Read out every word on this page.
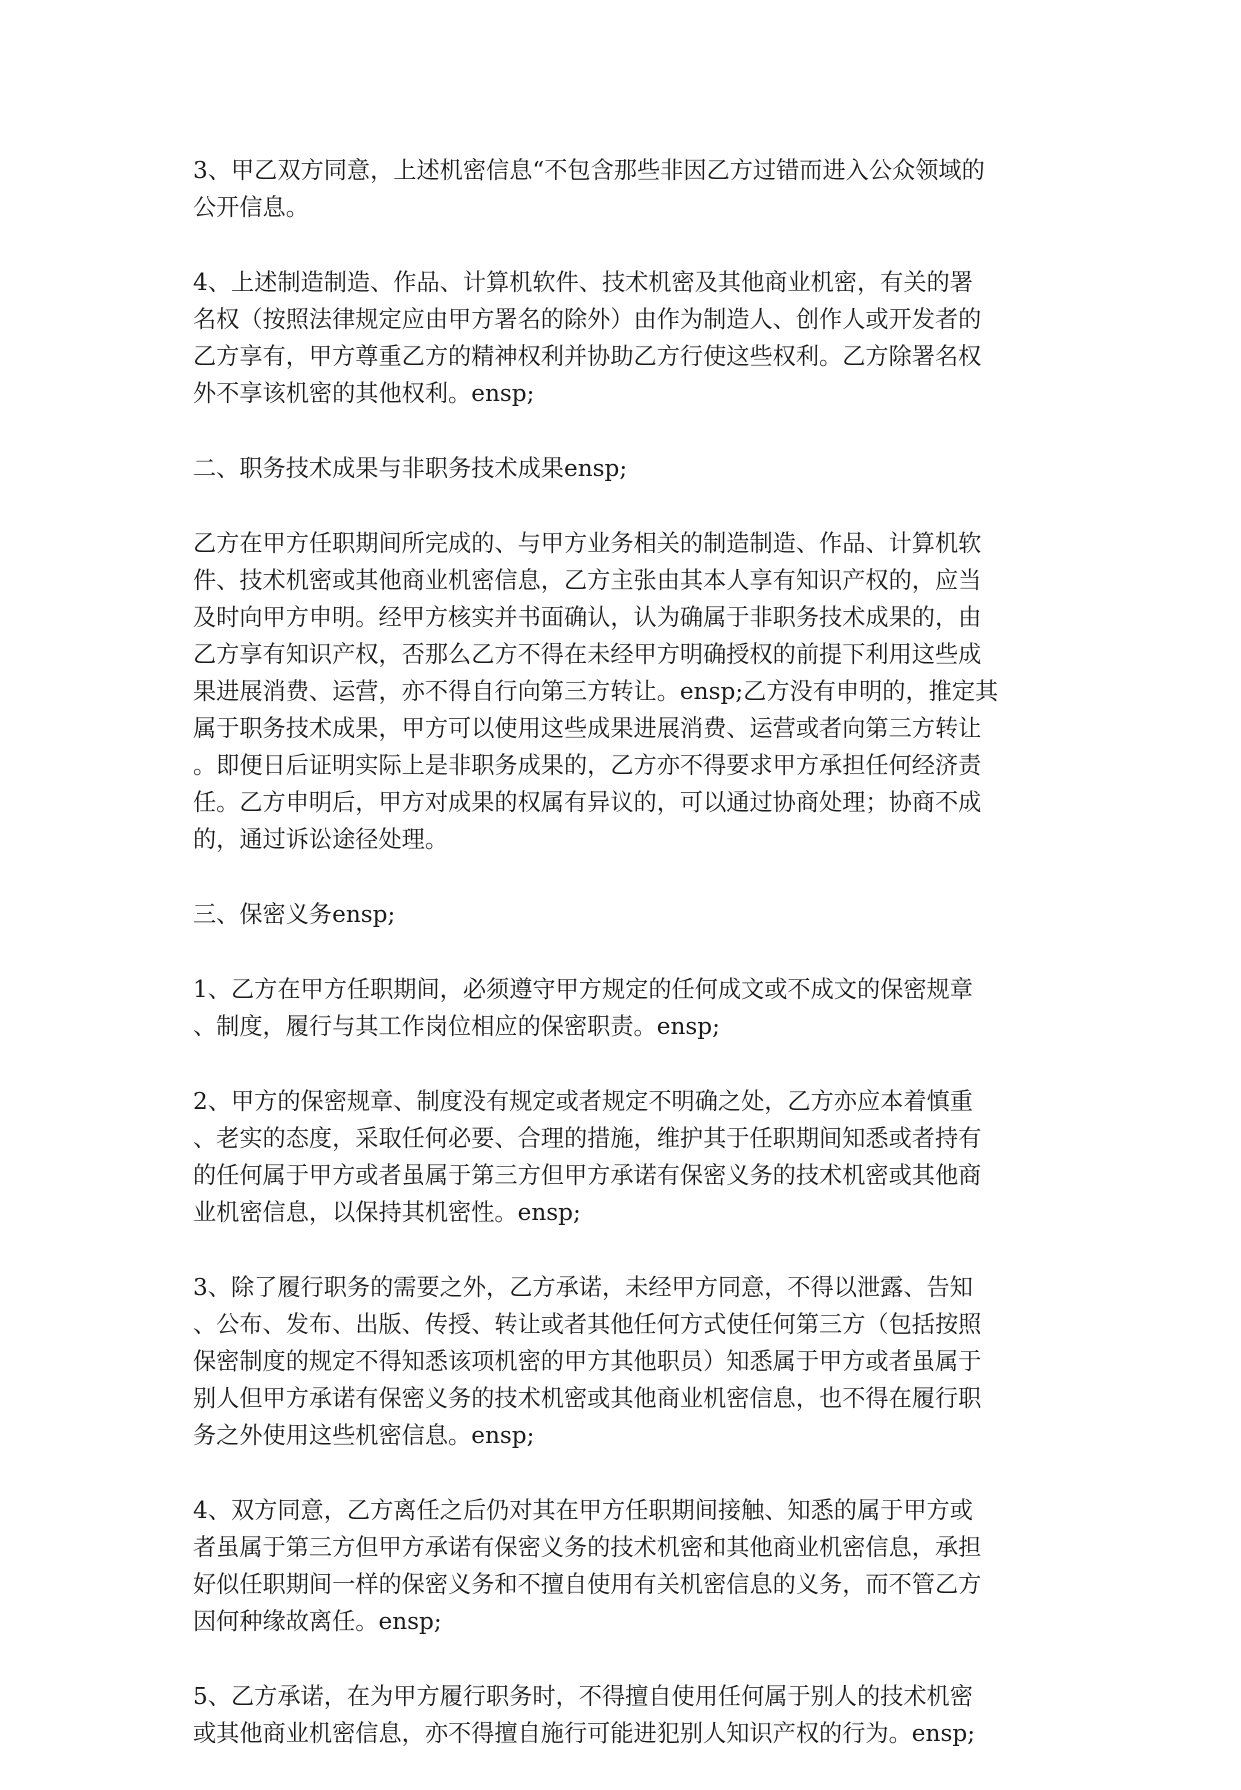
3、甲乙双方同意，上述机密信息“不包含那些非因乙方过错而进入公众领域的
公开信息。
4、上述制造制造、作品、计算机软件、技术机密及其他商业机密，有关的署
名权（按照法律规定应由甲方署名的除外）由作为制造人、创作人或开发者的
乙方享有，甲方尊重乙方的精神权利并协助乙方行使这些权利。乙方除署名权
外不享该机密的其他权利。ensp;
二、职务技术成果与非职务技术成果ensp;
乙方在甲方任职期间所完成的、与甲方业务相关的制造制造、作品、计算机软
件、技术机密或其他商业机密信息，乙方主张由其本人享有知识产权的，应当
及时向甲方申明。经甲方核实并书面确认，认为确属于非职务技术成果的，由
乙方享有知识产权，否那么乙方不得在未经甲方明确授权的前提下利用这些成
果进展消费、运营，亦不得自行向第三方转让。ensp;乙方没有申明的，推定其
属于职务技术成果，甲方可以使用这些成果进展消费、运营或者向第三方转让
。即便日后证明实际上是非职务成果的，乙方亦不得要求甲方承担任何经济责
任。乙方申明后，甲方对成果的权属有异议的，可以通过协商处理；协商不成
的，通过诉讼途径处理。
三、保密义务ensp;
1、乙方在甲方任职期间，必须遵守甲方规定的任何成文或不成文的保密规章
、制度，履行与其工作岗位相应的保密职责。ensp;
2、甲方的保密规章、制度没有规定或者规定不明确之处，乙方亦应本着慎重
、老实的态度，采取任何必要、合理的措施，维护其于任职期间知悉或者持有
的任何属于甲方或者虽属于第三方但甲方承诺有保密义务的技术机密或其他商
业机密信息，以保持其机密性。ensp;
3、除了履行职务的需要之外，乙方承诺，未经甲方同意，不得以泄露、告知
、公布、发布、出版、传授、转让或者其他任何方式使任何第三方（包括按照
保密制度的规定不得知悉该项机密的甲方其他职员）知悉属于甲方或者虽属于
别人但甲方承诺有保密义务的技术机密或其他商业机密信息，也不得在履行职
务之外使用这些机密信息。ensp;
4、双方同意，乙方离任之后仍对其在甲方任职期间接触、知悉的属于甲方或
者虽属于第三方但甲方承诺有保密义务的技术机密和其他商业机密信息，承担
好似任职期间一样的保密义务和不擅自使用有关机密信息的义务，而不管乙方
因何种缘故离任。ensp;
5、乙方承诺，在为甲方履行职务时，不得擅自使用任何属于别人的技术机密
或其他商业机密信息，亦不得擅自施行可能进犯别人知识产权的行为。ensp;
